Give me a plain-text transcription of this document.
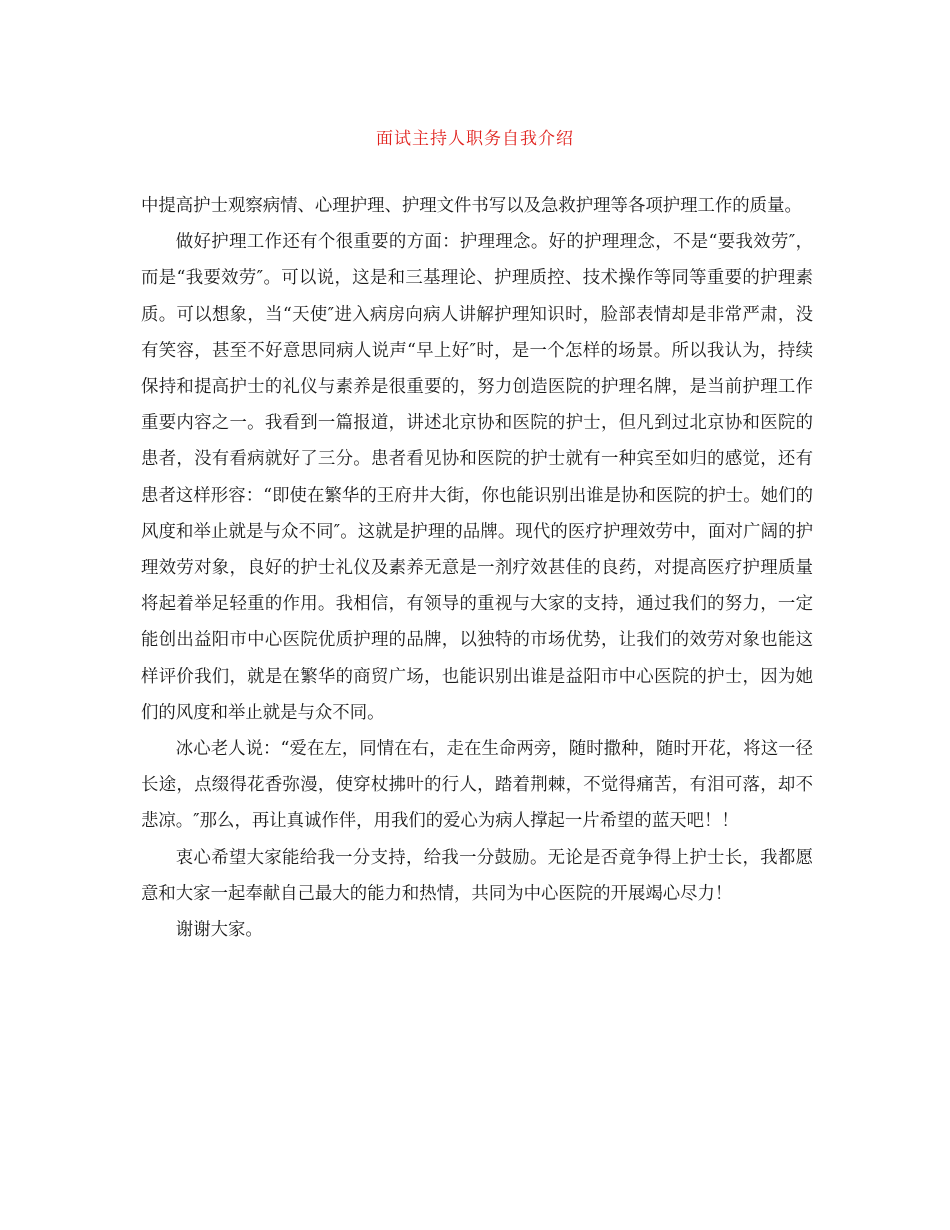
面试主持人职务自我介绍

中提高护士观察病情、心理护理、护理文件书写以及急救护理等各项护理工作的质量。

做好护理工作还有个很重要的方面：护理理念。好的护理理念，不是“要我效劳″，而是“我要效劳″。可以说，这是和三基理论、护理质控、技术操作等同等重要的护理素质。可以想象，当“天使″进入病房向病人讲解护理知识时，脸部表情却是非常严肃，没有笑容，甚至不好意思同病人说声“早上好″时，是一个怎样的场景。所以我认为，持续保持和提高护士的礼仪与素养是很重要的，努力创造医院的护理名牌，是当前护理工作重要内容之一。我看到一篇报道，讲述北京协和医院的护士，但凡到过北京协和医院的患者，没有看病就好了三分。患者看见协和医院的护士就有一种宾至如归的感觉，还有患者这样形容：“即使在繁华的王府井大街，你也能识别出谁是协和医院的护士。她们的风度和举止就是与众不同″。这就是护理的品牌。现代的医疗护理效劳中，面对广阔的护理效劳对象，良好的护士礼仪及素养无意是一剂疗效甚佳的良药，对提高医疗护理质量将起着举足轻重的作用。我相信，有领导的重视与大家的支持，通过我们的努力，一定能创出益阳市中心医院优质护理的品牌，以独特的市场优势，让我们的效劳对象也能这样评价我们，就是在繁华的商贸广场，也能识别出谁是益阳市中心医院的护士，因为她们的风度和举止就是与众不同。

冰心老人说：“爱在左，同情在右，走在生命两旁，随时撒种，随时开花，将这一径长途，点缀得花香弥漫，使穿杖拂叶的行人，踏着荆棘，不觉得痛苦，有泪可落，却不悲凉。″那么，再让真诚作伴，用我们的爱心为病人撑起一片希望的蓝天吧！！

衷心希望大家能给我一分支持，给我一分鼓励。无论是否竟争得上护士长，我都愿意和大家一起奉献自己最大的能力和热情，共同为中心医院的开展竭心尽力！

谢谢大家。
